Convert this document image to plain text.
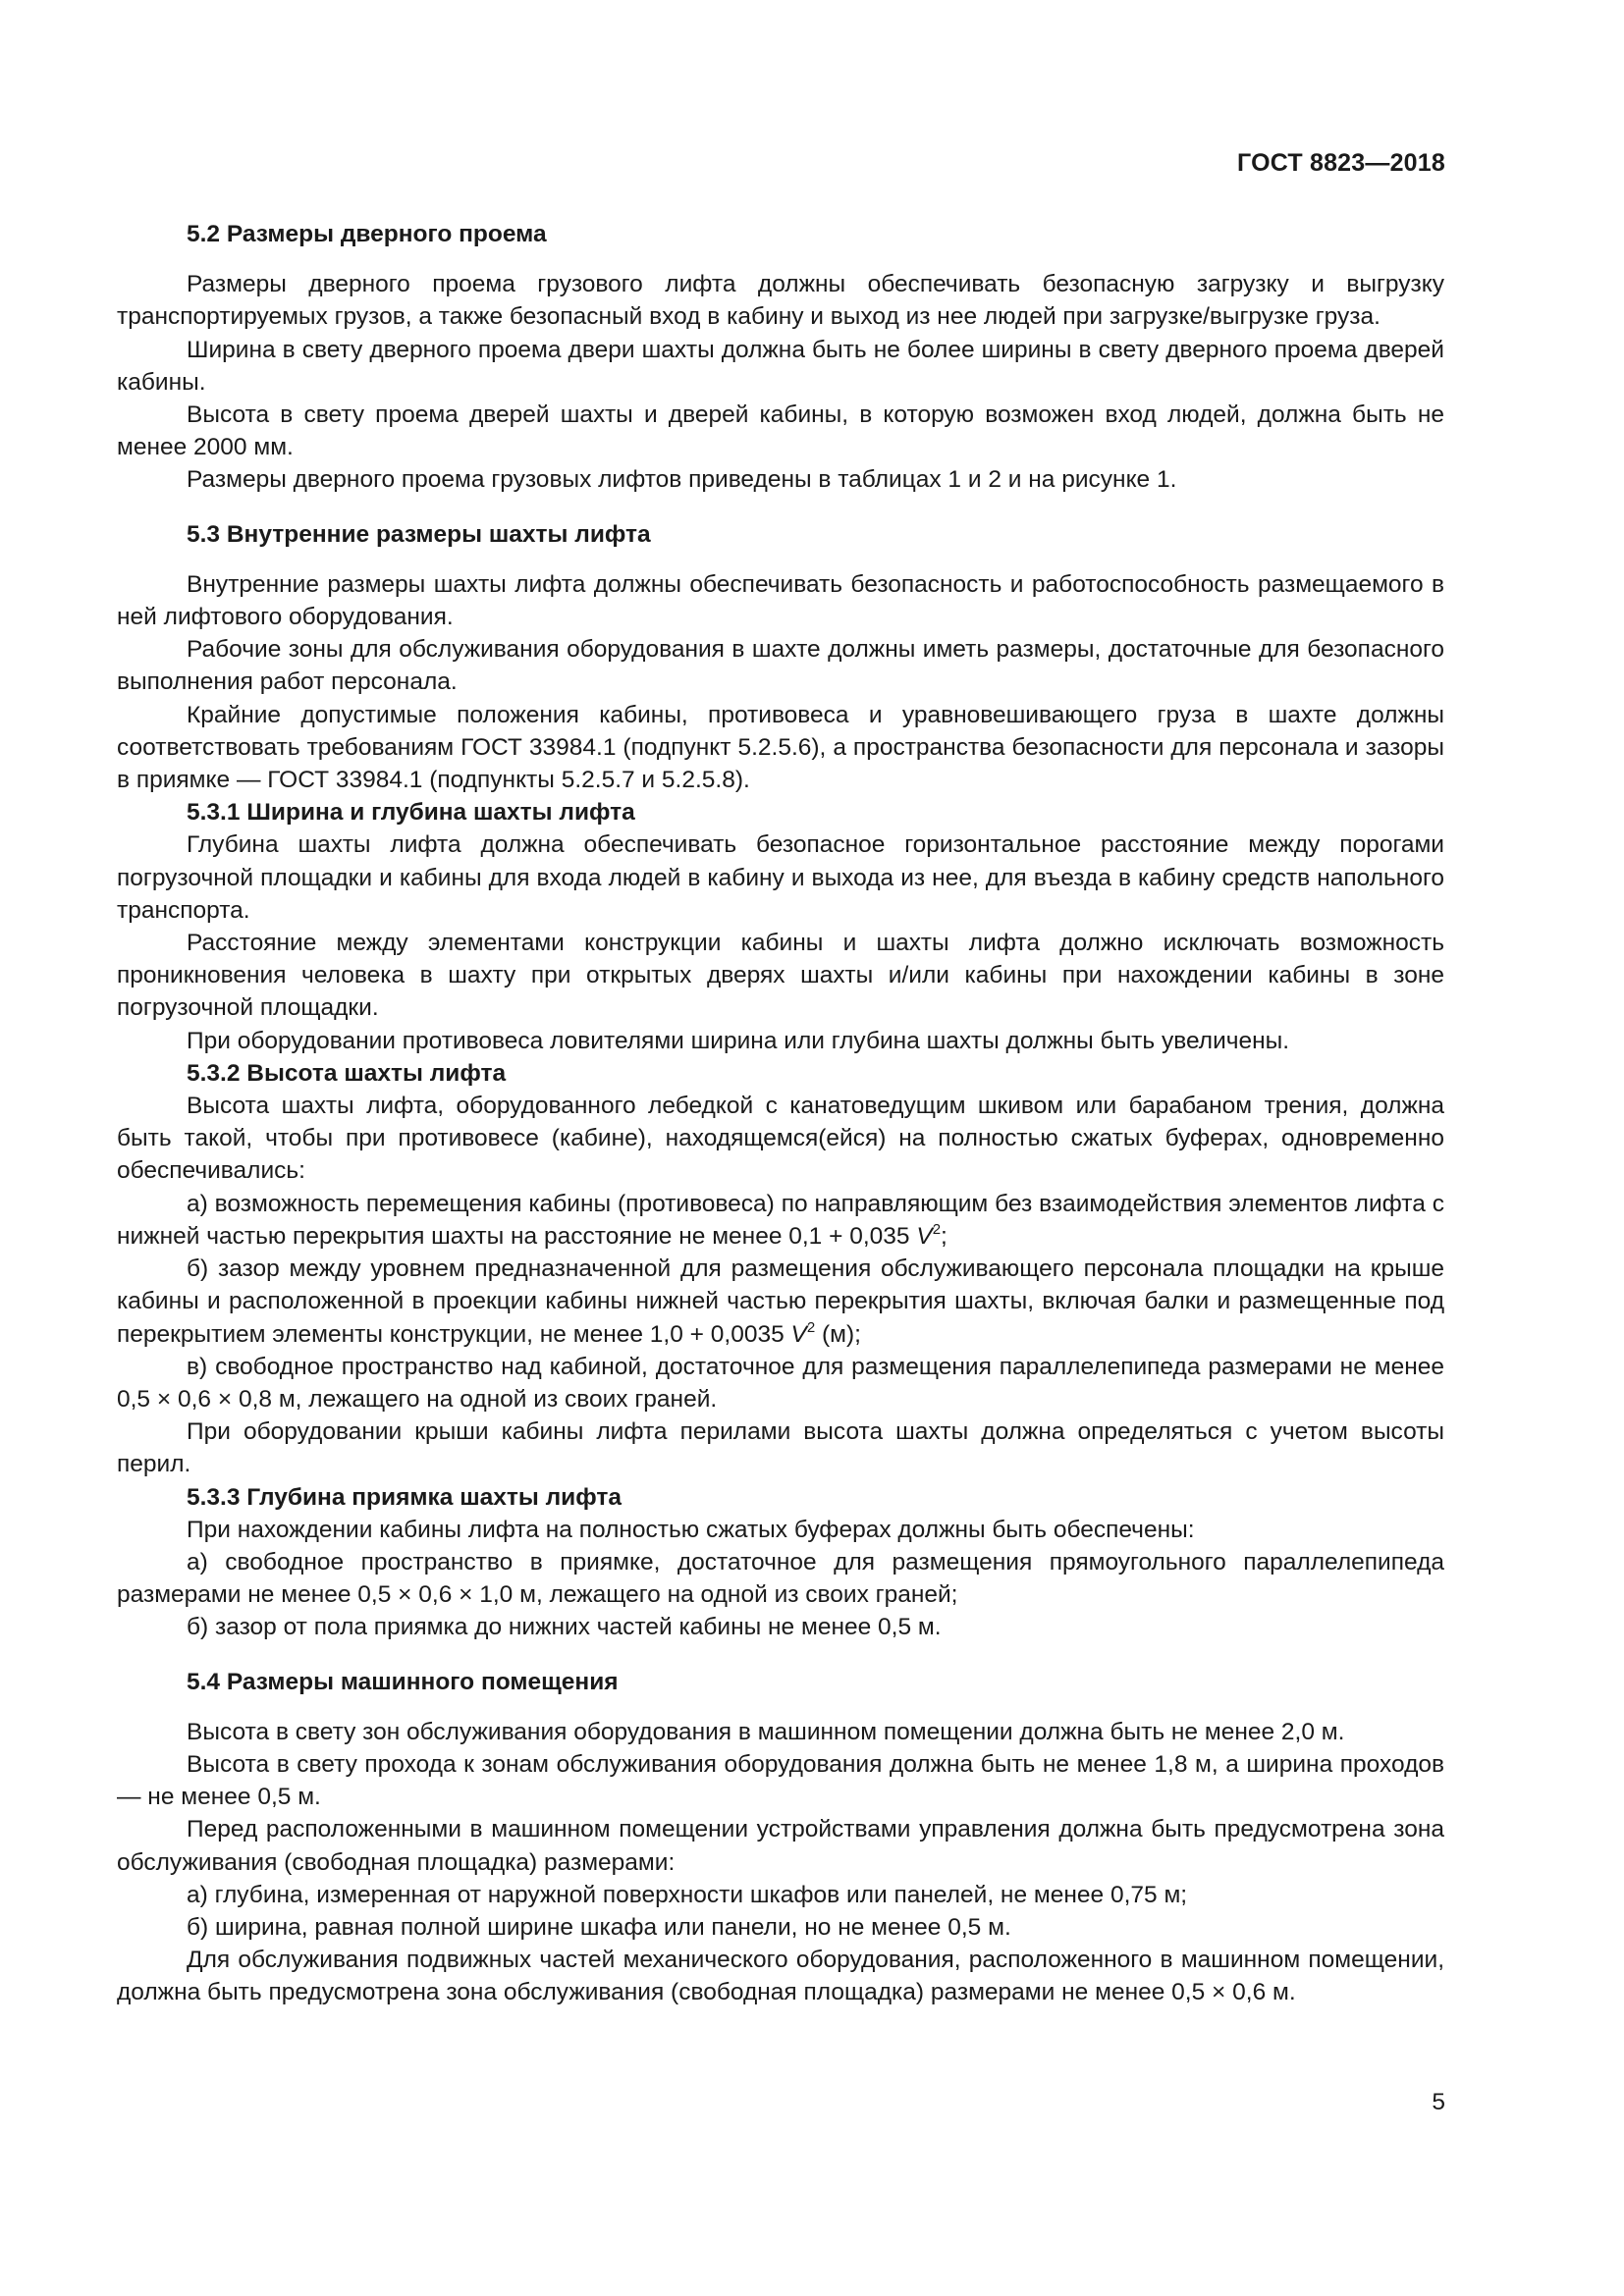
ГОСТ 8823—2018
5.2 Размеры дверного проема

Размеры дверного проема грузового лифта должны обеспечивать безопасную загрузку и выгрузку транспортируемых грузов, а также безопасный вход в кабину и выход из нее людей при загрузке/выгрузке груза.

Ширина в свету дверного проема двери шахты должна быть не более ширины в свету дверного проема дверей кабины.

Высота в свету проема дверей шахты и дверей кабины, в которую возможен вход людей, должна быть не менее 2000 мм.

Размеры дверного проема грузовых лифтов приведены в таблицах 1 и 2 и на рисунке 1.

5.3 Внутренние размеры шахты лифта

Внутренние размеры шахты лифта должны обеспечивать безопасность и работоспособность размещаемого в ней лифтового оборудования.

Рабочие зоны для обслуживания оборудования в шахте должны иметь размеры, достаточные для безопасного выполнения работ персонала.

Крайние допустимые положения кабины, противовеса и уравновешивающего груза в шахте должны соответствовать требованиям ГОСТ 33984.1 (подпункт 5.2.5.6), а пространства безопасности для персонала и зазоры в приямке — ГОСТ 33984.1 (подпункты 5.2.5.7 и 5.2.5.8).

5.3.1 Ширина и глубина шахты лифта

Глубина шахты лифта должна обеспечивать безопасное горизонтальное расстояние между порогами погрузочной площадки и кабины для входа людей в кабину и выхода из нее, для въезда в кабину средств напольного транспорта.

Расстояние между элементами конструкции кабины и шахты лифта должно исключать возможность проникновения человека в шахту при открытых дверях шахты и/или кабины при нахождении кабины в зоне погрузочной площадки.

При оборудовании противовеса ловителями ширина или глубина шахты должны быть увеличены.

5.3.2 Высота шахты лифта

Высота шахты лифта, оборудованного лебедкой с канатоведущим шкивом или барабаном трения, должна быть такой, чтобы при противовесе (кабине), находящемся(ейся) на полностью сжатых буферах, одновременно обеспечивались:

а) возможность перемещения кабины (противовеса) по направляющим без взаимодействия элементов лифта с нижней частью перекрытия шахты на расстояние не менее 0,1 + 0,035 $V^2$;

б) зазор между уровнем предназначенной для размещения обслуживающего персонала площадки на крыше кабины и расположенной в проекции кабины нижней частью перекрытия шахты, включая балки и размещенные под перекрытием элементы конструкции, не менее 1,0 + 0,0035 $V^2$ (м);

в) свободное пространство над кабиной, достаточное для размещения параллелепипеда размерами не менее 0,5 × 0,6 × 0,8 м, лежащего на одной из своих граней.

При оборудовании крыши кабины лифта перилами высота шахты должна определяться с учетом высоты перил.

5.3.3 Глубина приямка шахты лифта

При нахождении кабины лифта на полностью сжатых буферах должны быть обеспечены:

а) свободное пространство в приямке, достаточное для размещения прямоугольного параллелепипеда размерами не менее 0,5 × 0,6 × 1,0 м, лежащего на одной из своих граней;

б) зазор от пола приямка до нижних частей кабины не менее 0,5 м.

5.4 Размеры машинного помещения

Высота в свету зон обслуживания оборудования в машинном помещении должна быть не менее 2,0 м.

Высота в свету прохода к зонам обслуживания оборудования должна быть не менее 1,8 м, а ширина проходов — не менее 0,5 м.

Перед расположенными в машинном помещении устройствами управления должна быть предусмотрена зона обслуживания (свободная площадка) размерами:

а) глубина, измеренная от наружной поверхности шкафов или панелей, не менее 0,75 м;

б) ширина, равная полной ширине шкафа или панели, но не менее 0,5 м.

Для обслуживания подвижных частей механического оборудования, расположенного в машинном помещении, должна быть предусмотрена зона обслуживания (свободная площадка) размерами не менее 0,5 × 0,6 м.

5
